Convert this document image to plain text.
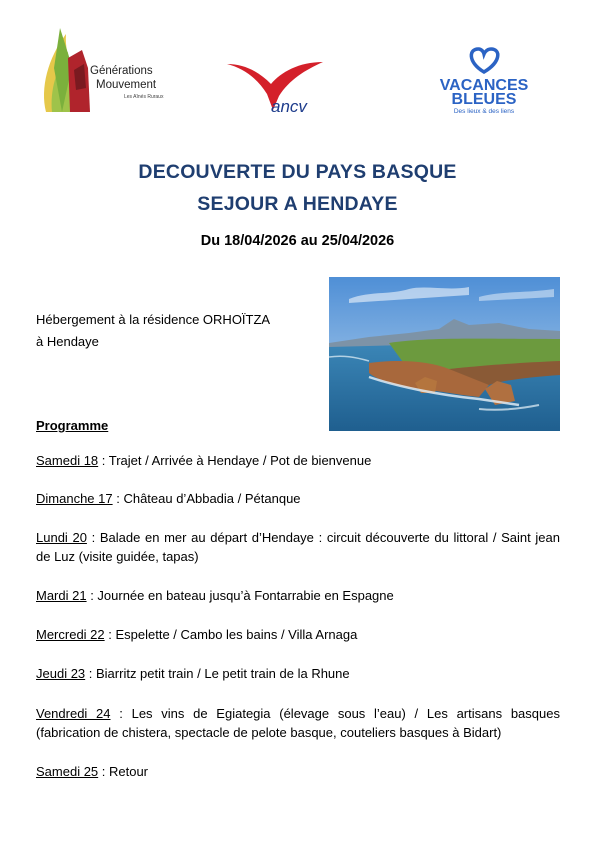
Générations
Mouvement
Les Aînés Ruraux	ancv
VACANCES
BLEUES
Des lieux & des liens
DECOUVERTE DU PAYS BASQUE
SEJOUR A HENDAYE
Du 18/04/2026 au 25/04/2026
Hébergement à la résidence ORHOÏTZA
à Hendaye
Programme
Samedi 18 : Trajet / Arrivée à Hendaye / Pot de bienvenue
Dimanche 17 : Château d’Abbadia / Pétanque
Lundi 20 : Balade en mer au départ d’Hendaye : circuit découverte du littoral / Saint jean de Luz (visite guidée, tapas)
Mardi 21 : Journée en bateau jusqu’à Fontarrabie en Espagne
Mercredi 22 : Espelette / Cambo les bains / Villa Arnaga
Jeudi 23 : Biarritz petit train / Le petit train de la Rhune
Vendredi 24 : Les vins de Egiategia (élevage sous l’eau) / Les artisans basques (fabrication de chistera, spectacle de pelote basque, couteliers basques à Bidart)
Samedi 25 : Retour
